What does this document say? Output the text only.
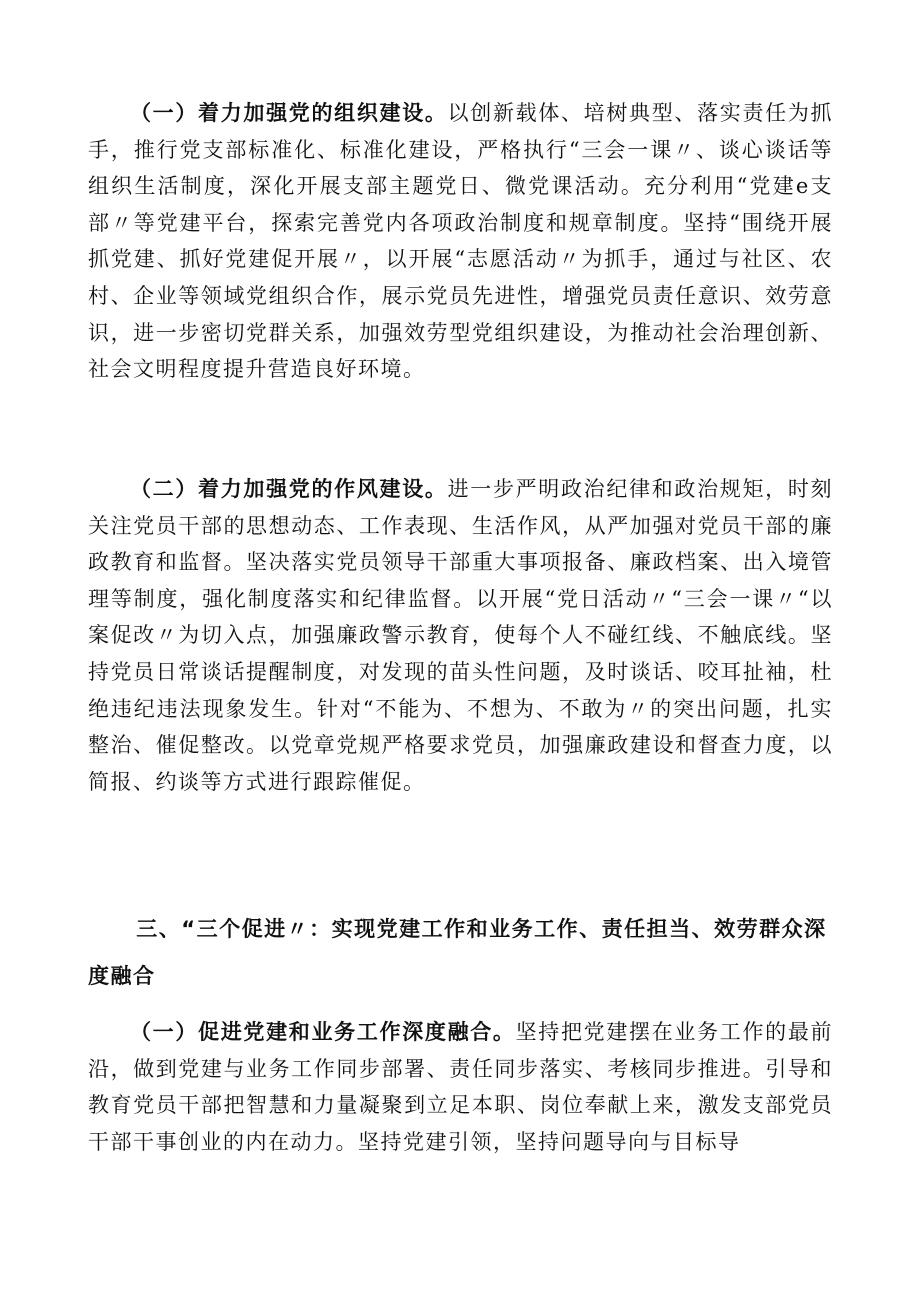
（一）着力加强党的组织建设。以创新载体、培树典型、落实责任为抓手，推行党支部标准化、标准化建设，严格执行“三会一课〃、谈心谈话等组织生活制度，深化开展支部主题党日、微党课活动。充分利用“党建e支部〃等党建平台，探索完善党内各项政治制度和规章制度。坚持“围绕开展抓党建、抓好党建促开展〃，以开展“志愿活动〃为抓手，通过与社区、农村、企业等领域党组织合作，展示党员先进性，增强党员责任意识、效劳意识，进一步密切党群关系，加强效劳型党组织建设，为推动社会治理创新、社会文明程度提升营造良好环境。

（二）着力加强党的作风建设。进一步严明政治纪律和政治规矩，时刻关注党员干部的思想动态、工作表现、生活作风，从严加强对党员干部的廉政教育和监督。坚决落实党员领导干部重大事项报备、廉政档案、出入境管理等制度，强化制度落实和纪律监督。以开展“党日活动〃“三会一课〃“以案促改〃为切入点，加强廉政警示教育，使每个人不碰红线、不触底线。坚持党员日常谈话提醒制度，对发现的苗头性问题，及时谈话、咬耳扯袖，杜绝违纪违法现象发生。针对“不能为、不想为、不敢为〃的突出问题，扎实整治、催促整改。以党章党规严格要求党员，加强廉政建设和督查力度，以简报、约谈等方式进行跟踪催促。

三、“三个促进〃：实现党建工作和业务工作、责任担当、效劳群众深度融合

（一）促进党建和业务工作深度融合。坚持把党建摆在业务工作的最前沿，做到党建与业务工作同步部署、责任同步落实、考核同步推进。引导和教育党员干部把智慧和力量凝聚到立足本职、岗位奉献上来，激发支部党员干部干事创业的内在动力。坚持党建引领，坚持问题导向与目标导
